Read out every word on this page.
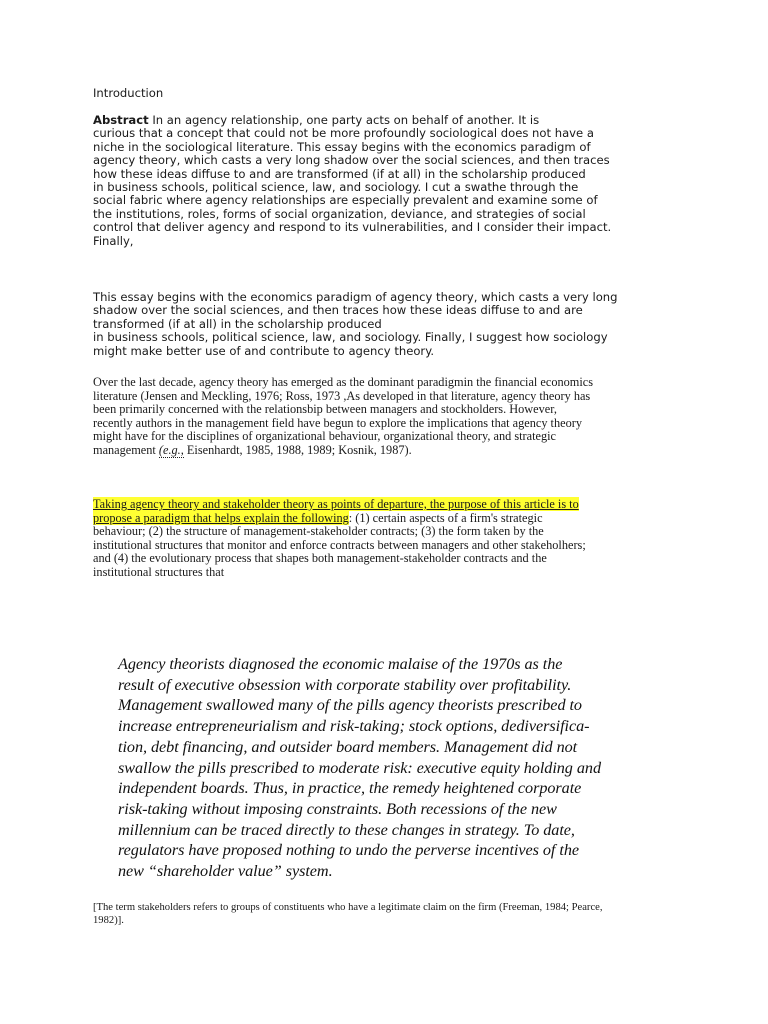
Introduction
Abstract In an agency relationship, one party acts on behalf of another. It is
curious that a concept that could not be more profoundly sociological does not have a
niche in the sociological literature. This essay begins with the economics paradigm of
agency theory, which casts a very long shadow over the social sciences, and then traces
how these ideas diffuse to and are transformed (if at all) in the scholarship produced
in business schools, political science, law, and sociology. I cut a swathe through the
social fabric where agency relationships are especially prevalent and examine some of
the institutions, roles, forms of social organization, deviance, and strategies of social
control that deliver agency and respond to its vulnerabilities, and I consider their impact.
Finally,
This essay begins with the economics paradigm of agency theory, which casts a very long
shadow over the social sciences, and then traces how these ideas diffuse to and are
transformed (if at all) in the scholarship produced
in business schools, political science, law, and sociology. Finally, I suggest how sociology
might make better use of and contribute to agency theory.
Over the last decade, agency theory has emerged as the dominant paradigmin the financial economics
literature (Jensen and Meckling, 1976; Ross, 1973 ,As developed in that literature, agency theory has
been primarily concerned with the relationsbip between managers and stockholders. However,
recently authors in the management field have begun to explore the implications that agency theory
might have for the disciplines of organizational behaviour, organizational theory, and strategic
management (e.g., Eisenhardt, 1985, 1988, 1989; Kosnik, 1987).
Taking agency theory and stakeholder theory as points of departure, the purpose of this article is to
propose a paradigm that helps explain the following: (1) certain aspects of a firm's strategic
behaviour; (2) the structure of management-stakeholder contracts; (3) the form taken by the
institutional structures that monitor and enforce contracts between managers and other stakeholhers;
and (4) the evolutionary process that shapes both management-stakeholder contracts and the
institutional structures that
Agency theorists diagnosed the economic malaise of the 1970s as the
result of executive obsession with corporate stability over profitability.
Management swallowed many of the pills agency theorists prescribed to
increase entrepreneurialism and risk-taking; stock options, dediversifica-
tion, debt financing, and outsider board members. Management did not
swallow the pills prescribed to moderate risk: executive equity holding and
independent boards. Thus, in practice, the remedy heightened corporate
risk-taking without imposing constraints. Both recessions of the new
millennium can be traced directly to these changes in strategy. To date,
regulators have proposed nothing to undo the perverse incentives of the
new “shareholder value” system.
[The term stakeholders refers to groups of constituents who have a legitimate claim on the firm (Freeman, 1984; Pearce,
1982)].
